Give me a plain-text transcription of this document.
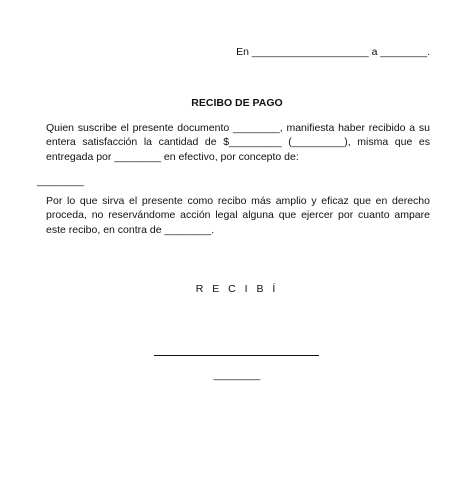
En ____________________ a ________.
RECIBO DE PAGO
Quien suscribe el presente documento ________, manifiesta haber recibido a su entera satisfacción la cantidad de $_________ (_________), misma que es entregada por ________ en efectivo, por concepto de:
________
Por lo que sirva el presente como recibo más amplio y eficaz que en derecho proceda, no reservándome acción legal alguna que ejercer por cuanto ampare este recibo, en contra de ________.
R E C I B Í
________
